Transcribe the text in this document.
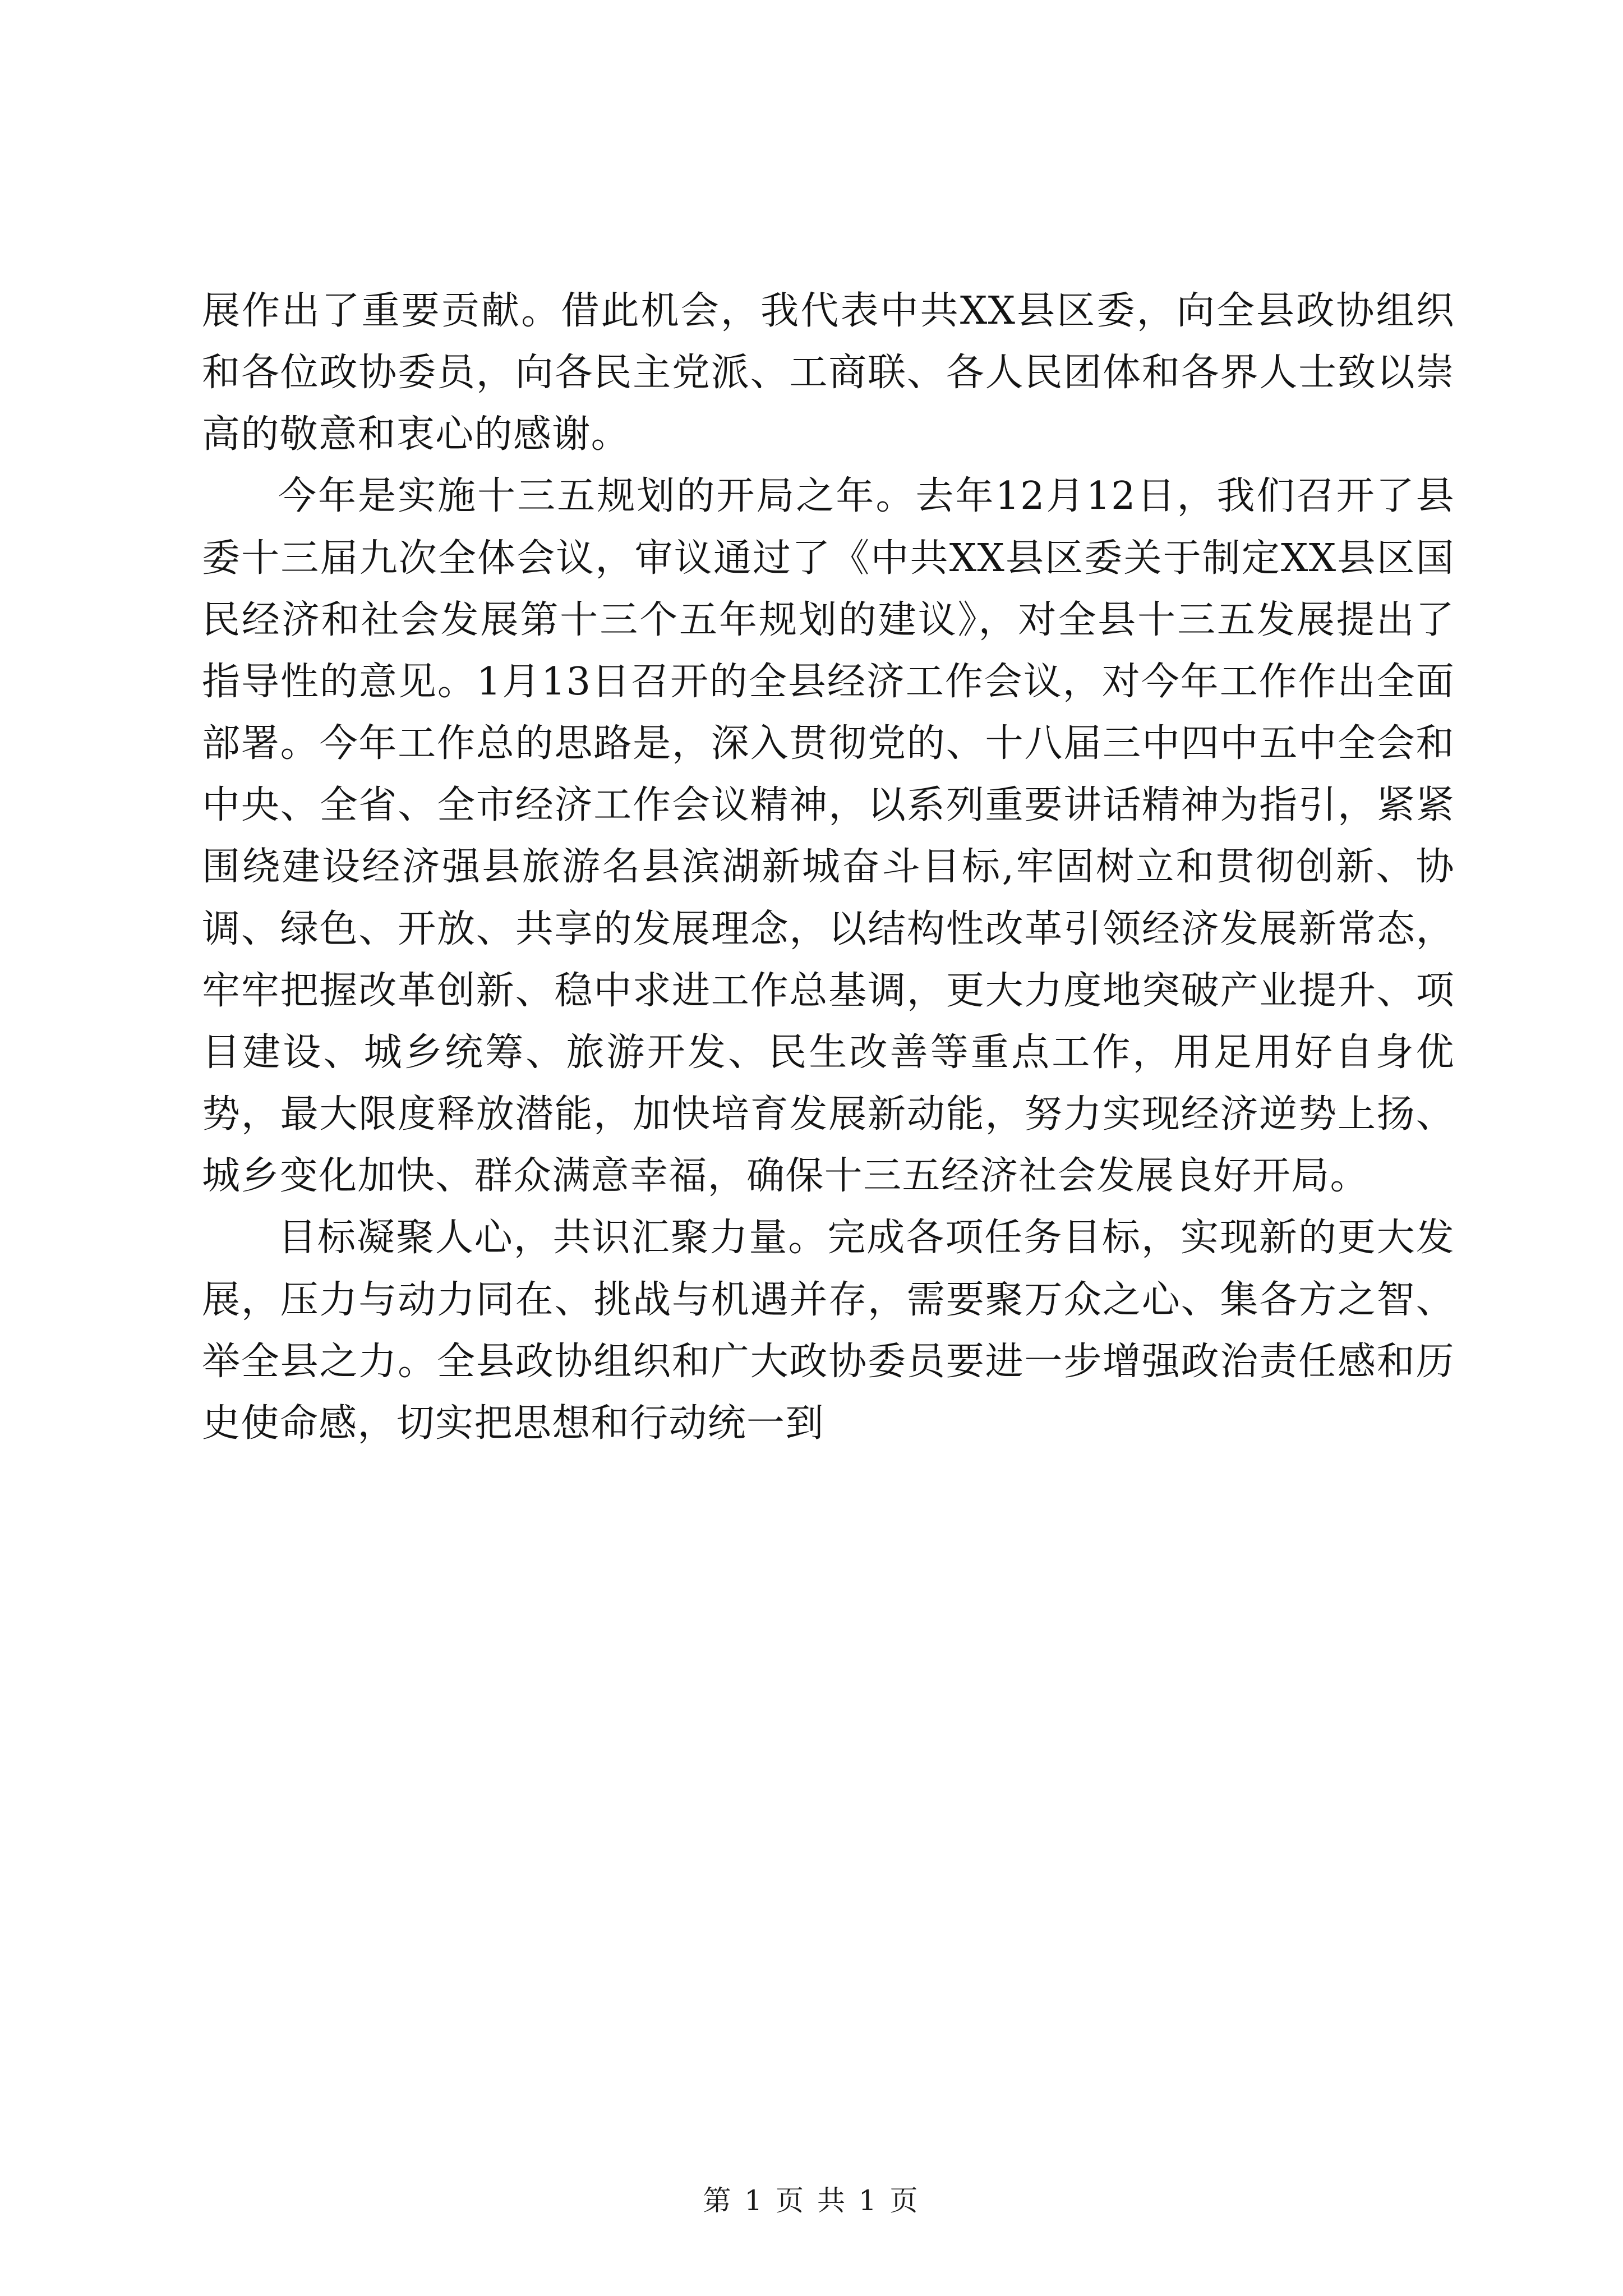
展作出了重要贡献。借此机会，我代表中共XX县区委，向全县政协组织和各位政协委员，向各民主党派、工商联、各人民团体和各界人士致以崇高的敬意和衷心的感谢。

今年是实施十三五规划的开局之年。去年12月12日，我们召开了县委十三届九次全体会议，审议通过了《中共XX县区委关于制定XX县区国民经济和社会发展第十三个五年规划的建议》，对全县十三五发展提出了指导性的意见。1月13日召开的全县经济工作会议，对今年工作作出全面部署。今年工作总的思路是，深入贯彻党的、十八届三中四中五中全会和中央、全省、全市经济工作会议精神，以系列重要讲话精神为指引，紧紧围绕建设经济强县旅游名县滨湖新城奋斗目标,牢固树立和贯彻创新、协调、绿色、开放、共享的发展理念，以结构性改革引领经济发展新常态，牢牢把握改革创新、稳中求进工作总基调，更大力度地突破产业提升、项目建设、城乡统筹、旅游开发、民生改善等重点工作，用足用好自身优势，最大限度释放潜能，加快培育发展新动能，努力实现经济逆势上扬、城乡变化加快、群众满意幸福，确保十三五经济社会发展良好开局。

目标凝聚人心，共识汇聚力量。完成各项任务目标，实现新的更大发展，压力与动力同在、挑战与机遇并存，需要聚万众之心、集各方之智、举全县之力。全县政协组织和广大政协委员要进一步增强政治责任感和历史使命感，切实把思想和行动统一到

第 1 页 共 1 页
